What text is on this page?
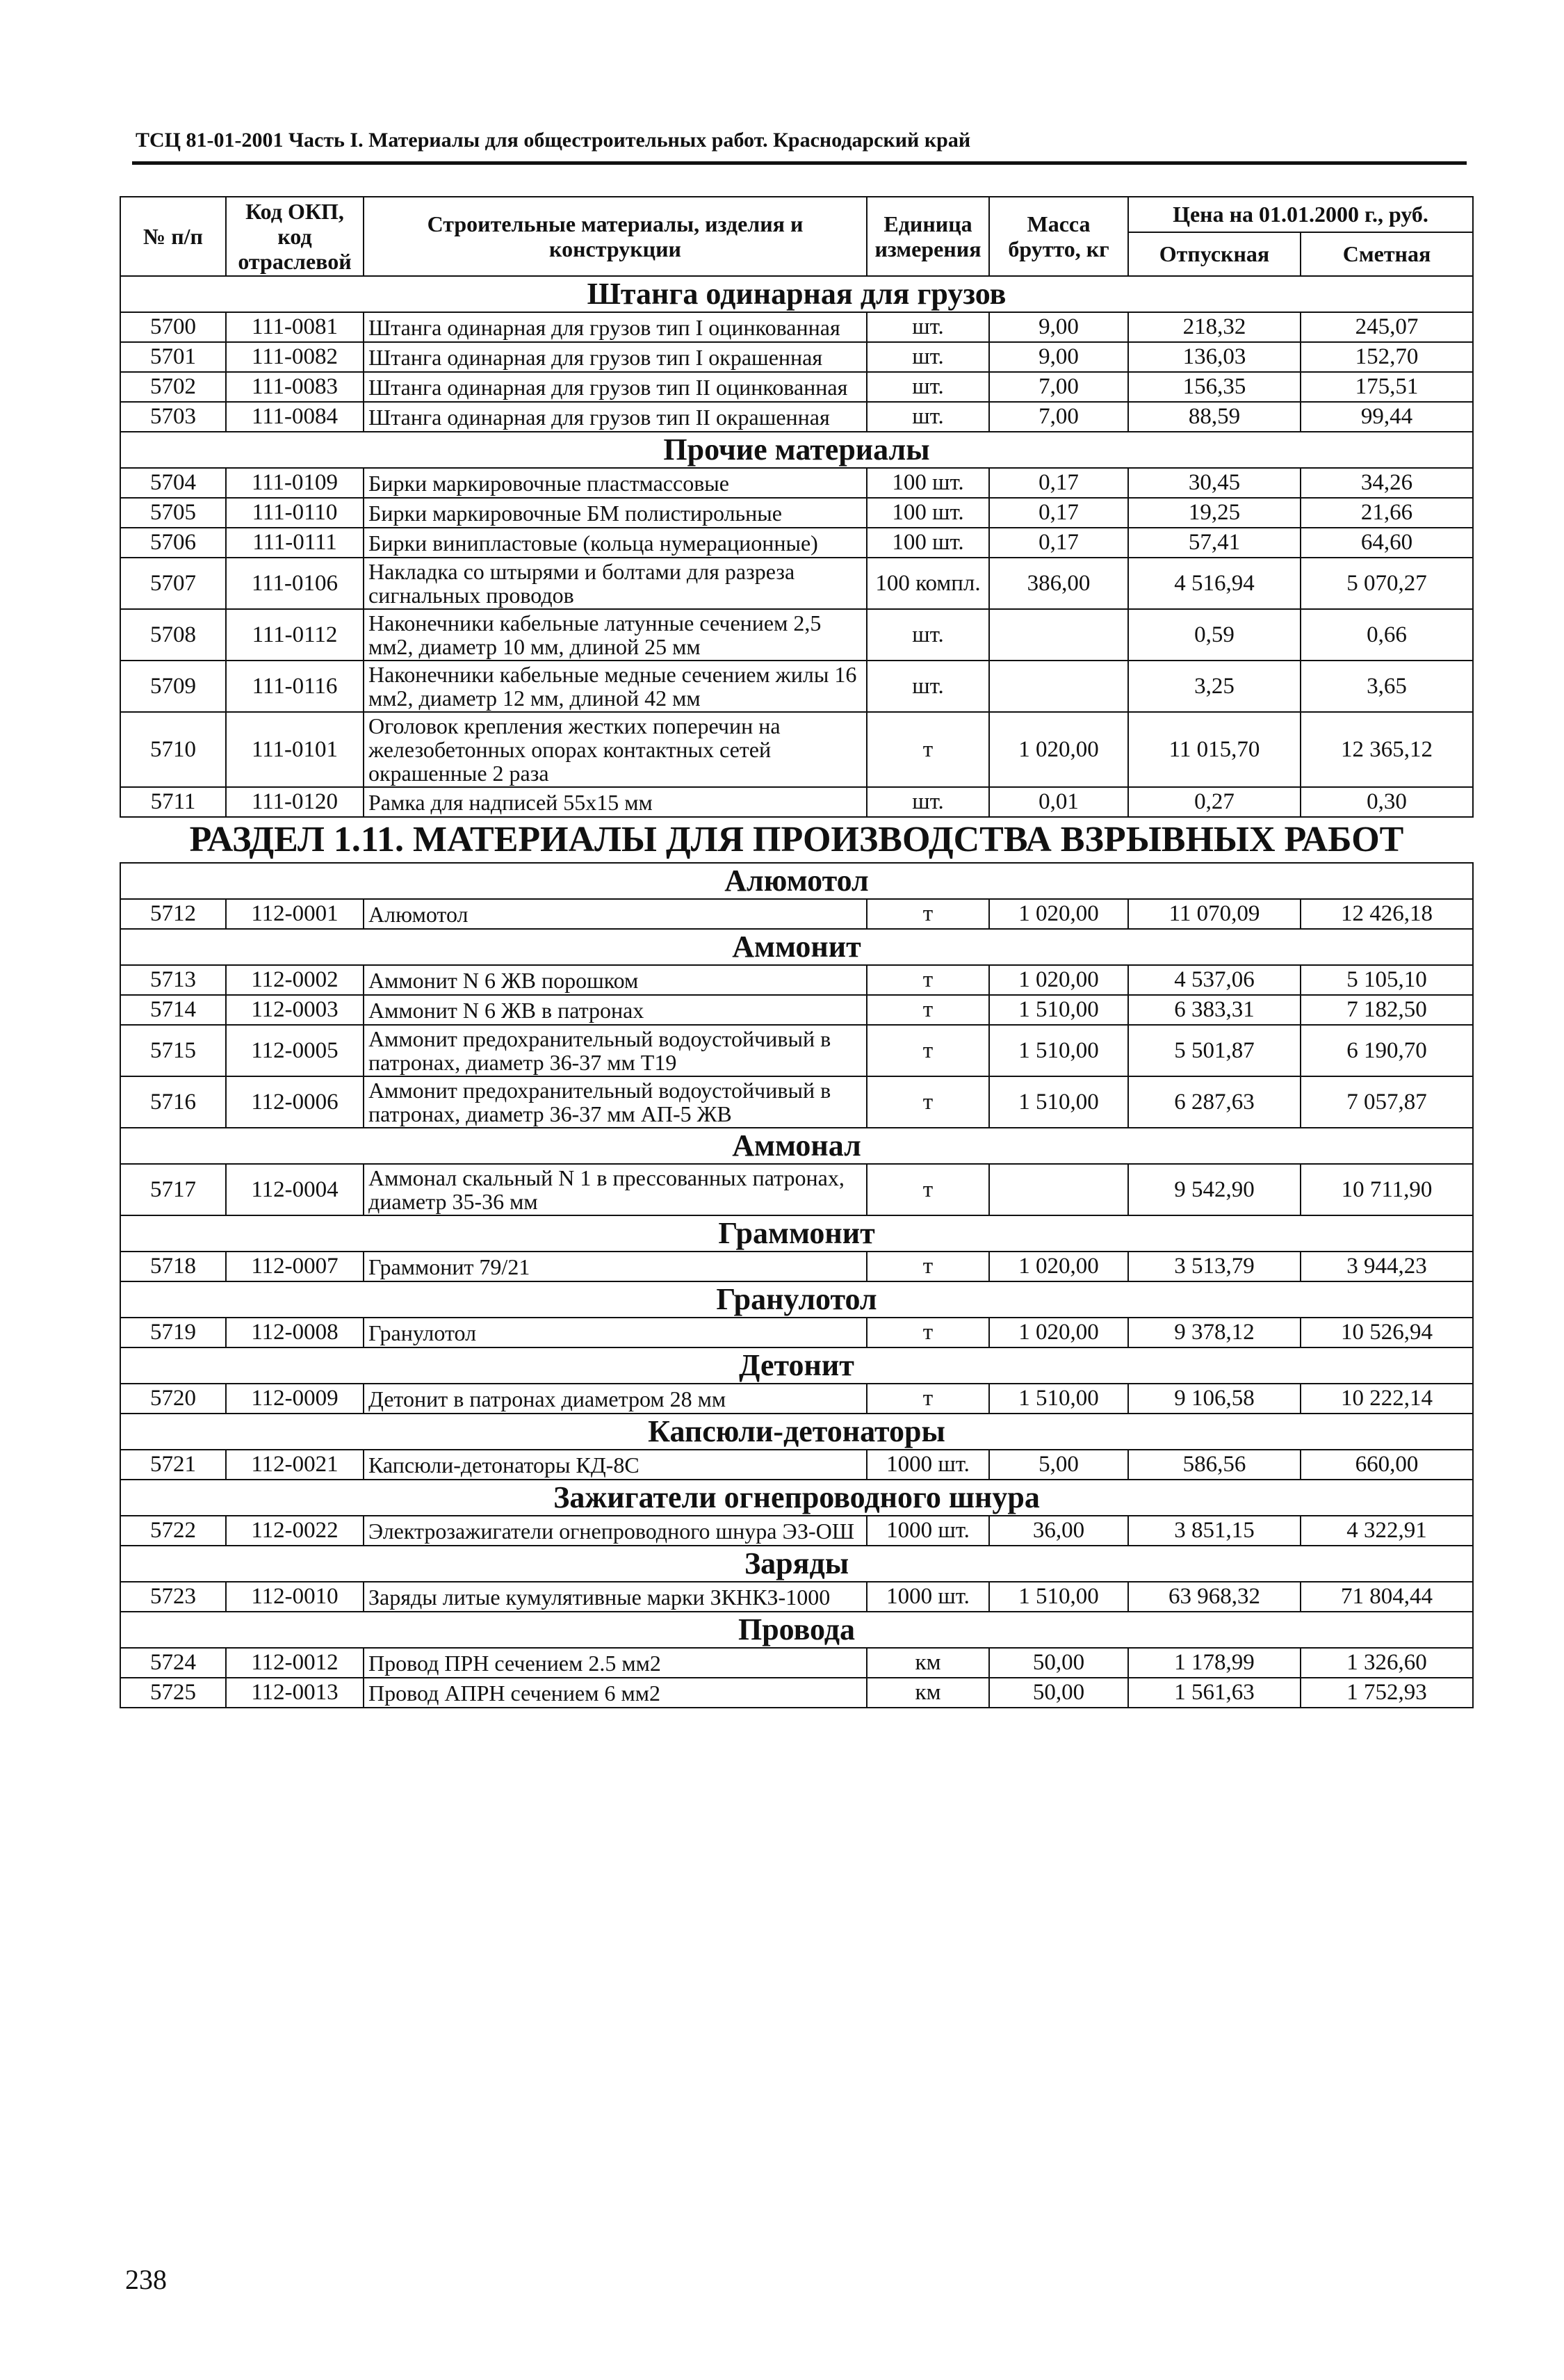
ТСЦ 81-01-2001 Часть I. Материалы для общестроительных работ. Краснодарский край
№ п/п	Код ОКП, код отраслевой	Строительные материалы, изделия и конструкции	Единица измерения	Масса брутто, кг	Цена на 01.01.2000 г., руб.	
					Отпускная	Сметная
Штанга одинарная для грузов						
5700	111-0081	Штанга одинарная для грузов тип I оцинкованная	шт.	9,00	218,32	245,07
5701	111-0082	Штанга одинарная для грузов тип I окрашенная	шт.	9,00	136,03	152,70
5702	111-0083	Штанга одинарная для грузов тип II оцинкованная	шт.	7,00	156,35	175,51
5703	111-0084	Штанга одинарная для грузов тип II окрашенная	шт.	7,00	88,59	99,44
Прочие материалы						
5704	111-0109	Бирки маркировочные пластмассовые	100 шт.	0,17	30,45	34,26
5705	111-0110	Бирки маркировочные БМ полистирольные	100 шт.	0,17	19,25	21,66
5706	111-0111	Бирки винипластовые (кольца нумерационные)	100 шт.	0,17	57,41	64,60
5707	111-0106	Накладка со штырями и болтами для разреза сигнальных проводов	100 компл.	386,00	4 516,94	5 070,27
5708	111-0112	Наконечники кабельные латунные сечением 2,5 мм2, диаметр 10 мм, длиной 25 мм	шт.		0,59	0,66
5709	111-0116	Наконечники кабельные медные сечением жилы 16 мм2, диаметр 12 мм, длиной 42 мм	шт.		3,25	3,65
5710	111-0101	Оголовок крепления жестких поперечин на железобетонных опорах контактных сетей окрашенные 2 раза	т	1 020,00	11 015,70	12 365,12
5711	111-0120	Рамка для надписей 55х15 мм	шт.	0,01	0,27	0,30
РАЗДЕЛ 1.11. МАТЕРИАЛЫ ДЛЯ ПРОИЗВОДСТВА ВЗРЫВНЫХ РАБОТ						
Алюмотол						
5712	112-0001	Алюмотол	т	1 020,00	11 070,09	12 426,18
Аммонит						
5713	112-0002	Аммонит N 6 ЖВ порошком	т	1 020,00	4 537,06	5 105,10
5714	112-0003	Аммонит N 6 ЖВ в патронах	т	1 510,00	6 383,31	7 182,50
5715	112-0005	Аммонит предохранительный водоустойчивый в патронах, диаметр 36-37 мм Т19	т	1 510,00	5 501,87	6 190,70
5716	112-0006	Аммонит предохранительный водоустойчивый в патронах, диаметр 36-37 мм АП-5 ЖВ	т	1 510,00	6 287,63	7 057,87
Аммонал						
5717	112-0004	Аммонал скальный N 1 в прессованных патронах, диаметр 35-36 мм	т		9 542,90	10 711,90
Граммонит						
5718	112-0007	Граммонит 79/21	т	1 020,00	3 513,79	3 944,23
Гранулотол						
5719	112-0008	Гранулотол	т	1 020,00	9 378,12	10 526,94
Детонит						
5720	112-0009	Детонит в патронах диаметром 28 мм	т	1 510,00	9 106,58	10 222,14
Капсюли-детонаторы						
5721	112-0021	Капсюли-детонаторы КД-8С	1000 шт.	5,00	586,56	660,00
Зажигатели огнепроводного шнура						
5722	112-0022	Электрозажигатели огнепроводного шнура ЭЗ-ОШ	1000 шт.	36,00	3 851,15	4 322,91
Заряды						
5723	112-0010	Заряды литые кумулятивные марки ЗКНКЗ-1000	1000 шт.	1 510,00	63 968,32	71 804,44
Провода						
5724	112-0012	Провод ПРН сечением 2.5 мм2	км	50,00	1 178,99	1 326,60
5725	112-0013	Провод АПРН сечением 6 мм2	км	50,00	1 561,63	1 752,93
238
